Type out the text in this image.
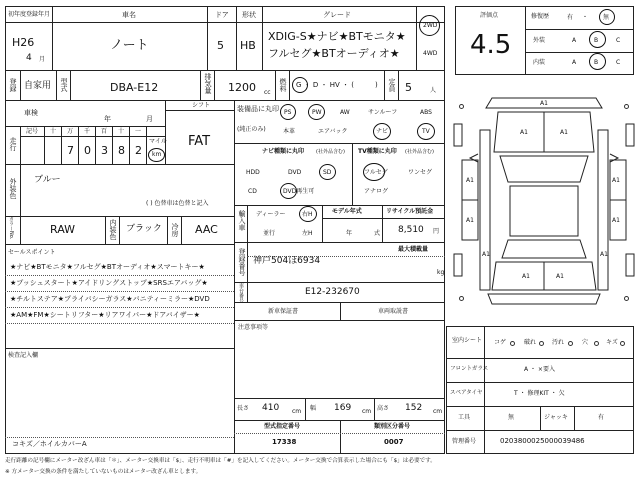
初年度登録年月
H26
4 月
車名
ノート
ドア
5
形状
HB
グレード
XDIG-S★ナビ★BTモニタ★
フルセグ★BTオーディオ★
2WD
4WD
登録 自家用 型式	DBA-E12	排気量 1200 cc
燃料 G ・ D ・ HV ・ (　　　) 定員 5	人
車検
年	月
シフト
FAT
走行
記号 十 万 千 百 十 一
7 0 3 8 2
マイル
km
外装色 ブルー
( ) 色替車は色替と記入
カラーNo.	RAW	内装色 ブラック 冷房 AAC
セールスポイント
★ナビ★BTモニタ★フルセグ★BTオーディオ★スマートキー★
★プッシュスタート★アイドリングストップ★SRSエアバッグ★
★チルトステア★プライバシーガラス★バニティーミラー★DVD
★AM★FM★シートリフター★リアワイパー★ドアバイザー★
検査記入欄
コキズ／ホイルカバーA
装備品に丸印
(純正のみ)
PS	PW	AW	サンルーフ	ABS
本革	エアバック	ナビ	TV
ナビ種類に丸印 (社外品含む)
HDD	DVD	SD
CD	DVD再生可
TV種類に丸印 (社外品含む)
フルセグ	ワンセグ
アナログ
輸入車 ディーラー	右H
並行	左H
モデル年式
年	式
リサイクル預託金
8,510 円
登録番号	最大積載量
神戸504ほ6934
kg
車台番号	E12-232670
新車保証書	車両取説書
注意事項等
長さ 410 cm 幅 169 cm 高さ 152 cm
型式指定番号
17338
類別区分番号
0007
評価点
4.5
修復歴	有 ・ 無
外装	A	B	C
内装	A	B	C
A1
A1	A1
A1	A1
A1	A1
A1	A1
A1	A1
室内シート コゲ	破れ	汚れ	穴	キズ
フロントガラス	A ・ ×要入
スペアタイヤ	T ・ 修理KIT ・ 欠
工具	無	ジャッキ	有
管理番号	0203800025000039486
走行距離の記号欄にメーター改ざん車は「＊」、メーター交換車は「$」、走行不明車は「#」を記入してください。メーター交換で合算表示した場合にも「$」は必要です。
※ 方メーター交換の条件を満たしていないものはメーター改ざん車とします。
